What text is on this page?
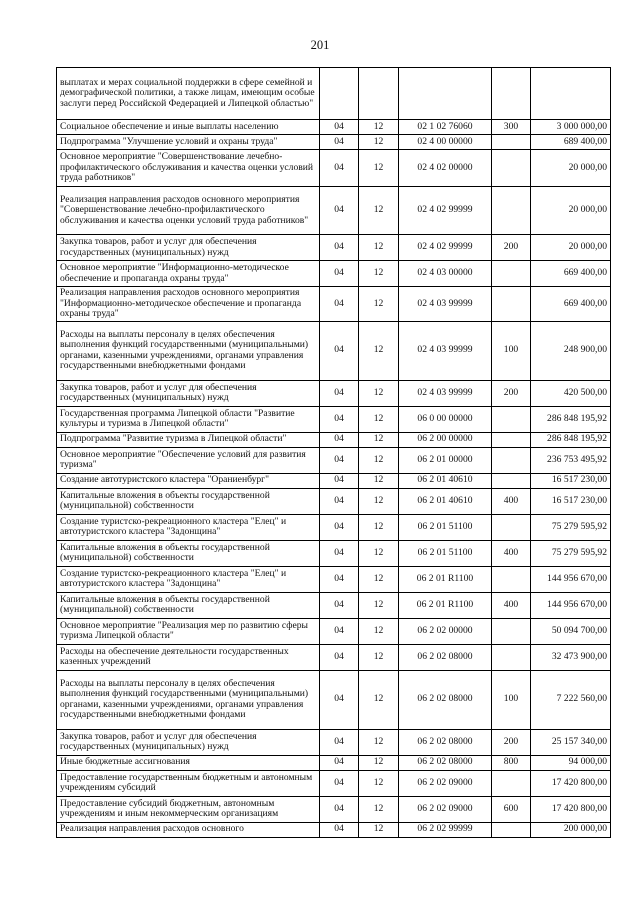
201
выплатах и мерах социальной поддержки в сфере семейной и демографической политики, а также лицам, имеющим особые заслуги перед Российской Федерацией и Липецкой областью"					
Социальное обеспечение и иные выплаты населению	04	12	02 1 02 76060	300	3 000 000,00
Подпрограмма "Улучшение условий и охраны труда"	04	12	02 4 00 00000		689 400,00
Основное мероприятие "Совершенствование лечебно-профилактического обслуживания и качества оценки условий труда работников"	04	12	02 4 02 00000		20 000,00
Реализация направления расходов основного мероприятия "Совершенствование лечебно-профилактического обслуживания и качества оценки условий труда работников"	04	12	02 4 02 99999		20 000,00
Закупка товаров, работ и услуг для обеспечения государственных (муниципальных) нужд	04	12	02 4 02 99999	200	20 000,00
Основное мероприятие "Информационно-методическое обеспечение и пропаганда охраны труда"	04	12	02 4 03 00000		669 400,00
Реализация направления расходов основного мероприятия "Информационно-методическое обеспечение и пропаганда охраны труда"	04	12	02 4 03 99999		669 400,00
Расходы на выплаты персоналу в целях обеспечения выполнения функций государственными (муниципальными) органами, казенными учреждениями, органами управления государственными внебюджетными фондами	04	12	02 4 03 99999	100	248 900,00
Закупка товаров, работ и услуг для обеспечения государственных (муниципальных) нужд	04	12	02 4 03 99999	200	420 500,00
Государственная программа Липецкой области "Развитие культуры и туризма в Липецкой области"	04	12	06 0 00 00000		286 848 195,92
Подпрограмма "Развитие туризма в Липецкой области"	04	12	06 2 00 00000		286 848 195,92
Основное мероприятие "Обеспечение условий для развития туризма"	04	12	06 2 01 00000		236 753 495,92
Создание автотуристского кластера "Ораниенбург"	04	12	06 2 01 40610		16 517 230,00
Капитальные вложения в объекты государственной (муниципальной) собственности	04	12	06 2 01 40610	400	16 517 230,00
Создание туристско-рекреационного кластера "Елец" и автотуристского кластера "Задонщина"	04	12	06 2 01 51100		75 279 595,92
Капитальные вложения в объекты государственной (муниципальной) собственности	04	12	06 2 01 51100	400	75 279 595,92
Создание туристско-рекреационного кластера "Елец" и автотуристского кластера "Задонщина"	04	12	06 2 01 R1100		144 956 670,00
Капитальные вложения в объекты государственной (муниципальной) собственности	04	12	06 2 01 R1100	400	144 956 670,00
Основное мероприятие "Реализация мер по развитию сферы туризма Липецкой области"	04	12	06 2 02 00000		50 094 700,00
Расходы на обеспечение деятельности государственных казенных учреждений	04	12	06 2 02 08000		32 473 900,00
Расходы на выплаты персоналу в целях обеспечения выполнения функций государственными (муниципальными) органами, казенными учреждениями, органами управления государственными внебюджетными фондами	04	12	06 2 02 08000	100	7 222 560,00
Закупка товаров, работ и услуг для обеспечения государственных (муниципальных) нужд	04	12	06 2 02 08000	200	25 157 340,00
Иные бюджетные ассигнования	04	12	06 2 02 08000	800	94 000,00
Предоставление государственным бюджетным и автономным учреждениям субсидий	04	12	06 2 02 09000		17 420 800,00
Предоставление субсидий бюджетным, автономным учреждениям и иным некоммерческим организациям	04	12	06 2 02 09000	600	17 420 800,00
Реализация направления расходов основного	04	12	06 2 02 99999		200 000,00
